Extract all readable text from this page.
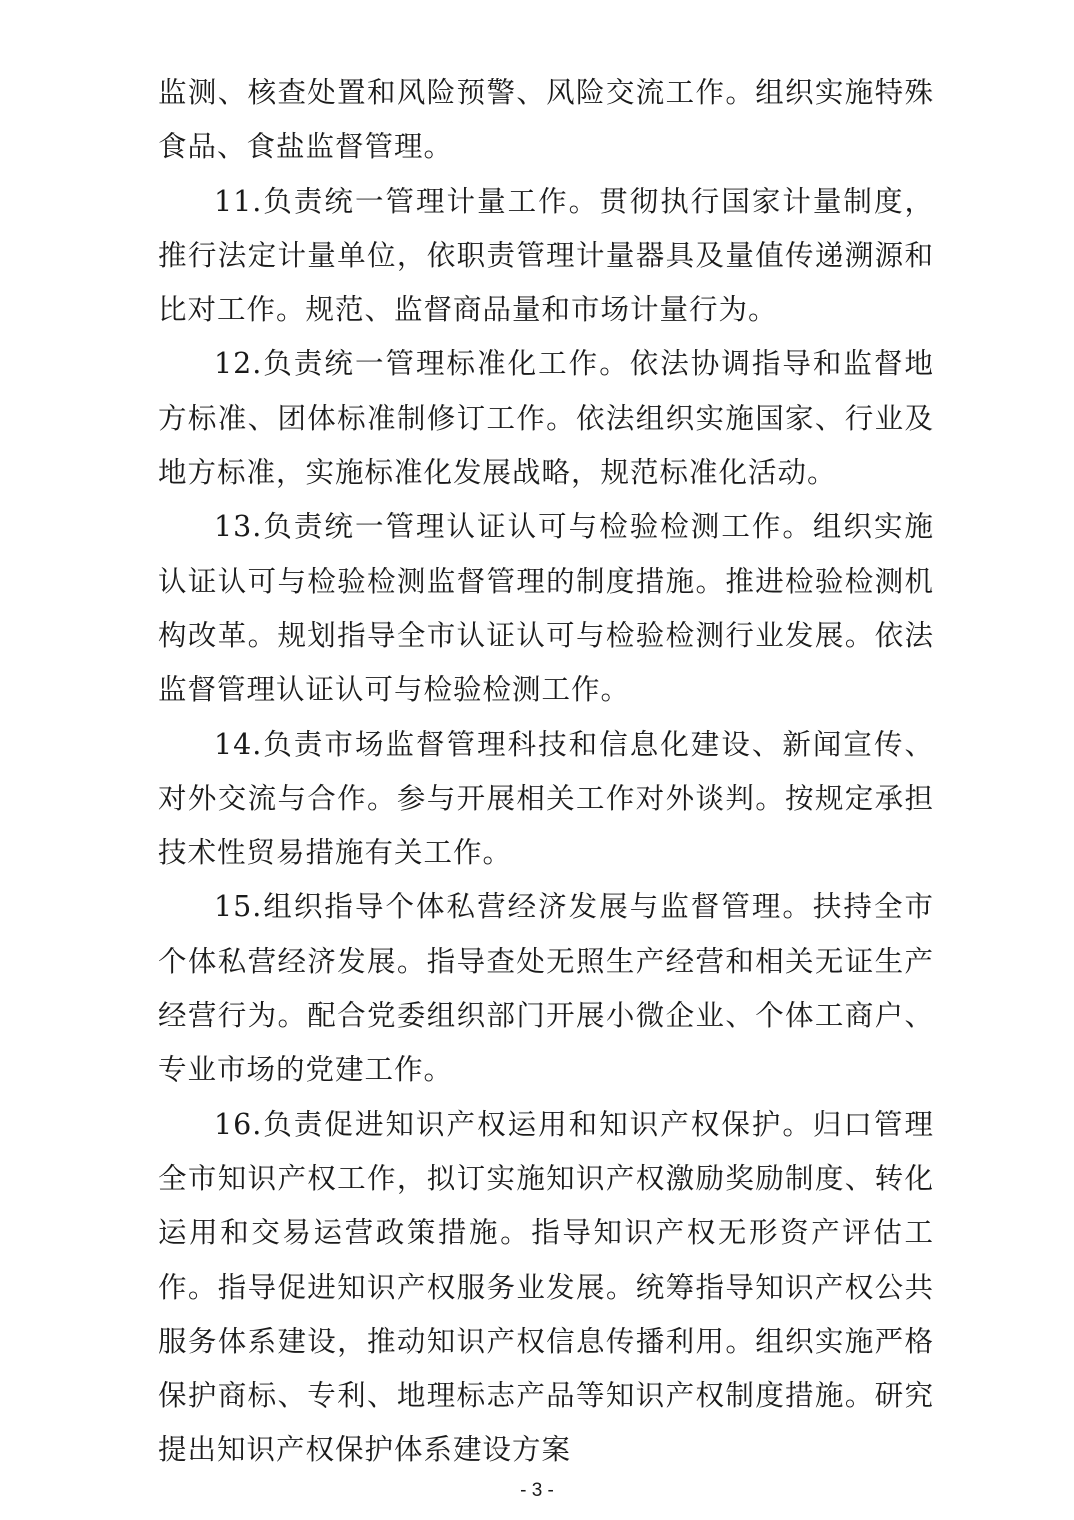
监测、核查处置和风险预警、风险交流工作。组织实施特殊食品、食盐监督管理。

11.负责统一管理计量工作。贯彻执行国家计量制度，推行法定计量单位，依职责管理计量器具及量值传递溯源和比对工作。规范、监督商品量和市场计量行为。

12.负责统一管理标准化工作。依法协调指导和监督地方标准、团体标准制修订工作。依法组织实施国家、行业及地方标准，实施标准化发展战略，规范标准化活动。

13.负责统一管理认证认可与检验检测工作。组织实施认证认可与检验检测监督管理的制度措施。推进检验检测机构改革。规划指导全市认证认可与检验检测行业发展。依法监督管理认证认可与检验检测工作。

14.负责市场监督管理科技和信息化建设、新闻宣传、对外交流与合作。参与开展相关工作对外谈判。按规定承担技术性贸易措施有关工作。

15.组织指导个体私营经济发展与监督管理。扶持全市个体私营经济发展。指导查处无照生产经营和相关无证生产经营行为。配合党委组织部门开展小微企业、个体工商户、专业市场的党建工作。

16.负责促进知识产权运用和知识产权保护。归口管理全市知识产权工作，拟订实施知识产权激励奖励制度、转化运用和交易运营政策措施。指导知识产权无形资产评估工作。指导促进知识产权服务业发展。统筹指导知识产权公共服务体系建设，推动知识产权信息传播利用。组织实施严格保护商标、专利、地理标志产品等知识产权制度措施。研究提出知识产权保护体系建设方案

- 3 -
